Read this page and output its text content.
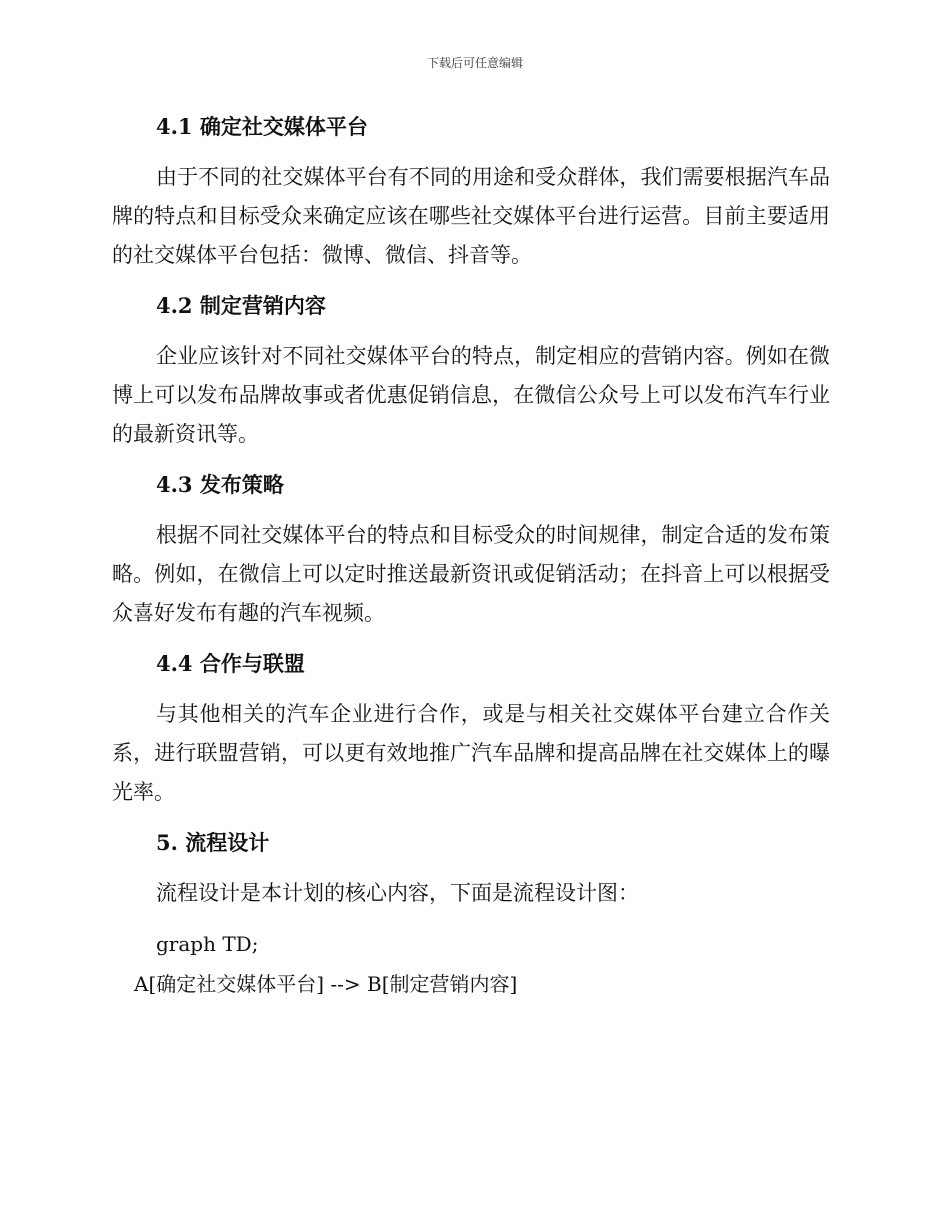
下载后可任意编辑
4.1 确定社交媒体平台

由于不同的社交媒体平台有不同的用途和受众群体，我们需要根据汽车品牌的特点和目标受众来确定应该在哪些社交媒体平台进行运营。目前主要适用的社交媒体平台包括：微博、微信、抖音等。

4.2 制定营销内容

企业应该针对不同社交媒体平台的特点，制定相应的营销内容。例如在微博上可以发布品牌故事或者优惠促销信息，在微信公众号上可以发布汽车行业的最新资讯等。

4.3 发布策略

根据不同社交媒体平台的特点和目标受众的时间规律，制定合适的发布策略。例如，在微信上可以定时推送最新资讯或促销活动；在抖音上可以根据受众喜好发布有趣的汽车视频。

4.4 合作与联盟

与其他相关的汽车企业进行合作，或是与相关社交媒体平台建立合作关系，进行联盟营销，可以更有效地推广汽车品牌和提高品牌在社交媒体上的曝光率。

5. 流程设计

流程设计是本计划的核心内容，下面是流程设计图：

graph TD;
A[确定社交媒体平台] --> B[制定营销内容]
